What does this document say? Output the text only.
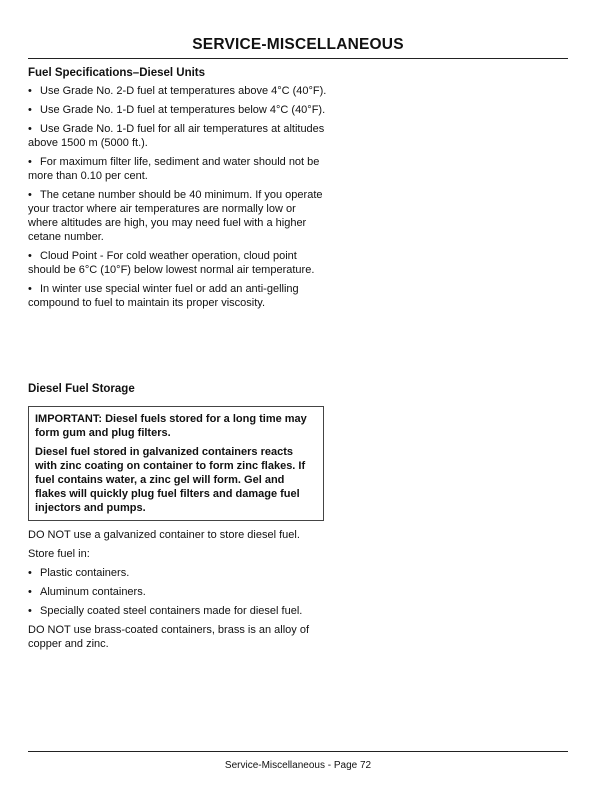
SERVICE-MISCELLANEOUS
Fuel Specifications–Diesel Units
• Use Grade No. 2-D fuel at temperatures above 4°C (40°F).
• Use Grade No. 1-D fuel at temperatures below 4°C (40°F).
• Use Grade No. 1-D fuel for all air temperatures at altitudes above 1500 m (5000 ft.).
• For maximum filter life, sediment and water should not be more than 0.10 per cent.
• The cetane number should be 40 minimum. If you operate your tractor where air temperatures are normally low or where altitudes are high, you may need fuel with a higher cetane number.
• Cloud Point - For cold weather operation, cloud point should be 6°C (10°F) below lowest normal air temperature.
• In winter use special winter fuel or add an anti-gelling compound to fuel to maintain its proper viscosity.
Diesel Fuel Storage

IMPORTANT: Diesel fuels stored for a long time may form gum and plug filters.

Diesel fuel stored in galvanized containers reacts with zinc coating on container to form zinc flakes. If fuel contains water, a zinc gel will form. Gel and flakes will quickly plug fuel filters and damage fuel injectors and pumps.

DO NOT use a galvanized container to store diesel fuel.

Store fuel in:

• Plastic containers.
• Aluminum containers.
• Specially coated steel containers made for diesel fuel.

DO NOT use brass-coated containers, brass is an alloy of copper and zinc.

Service-Miscellaneous - Page 72
